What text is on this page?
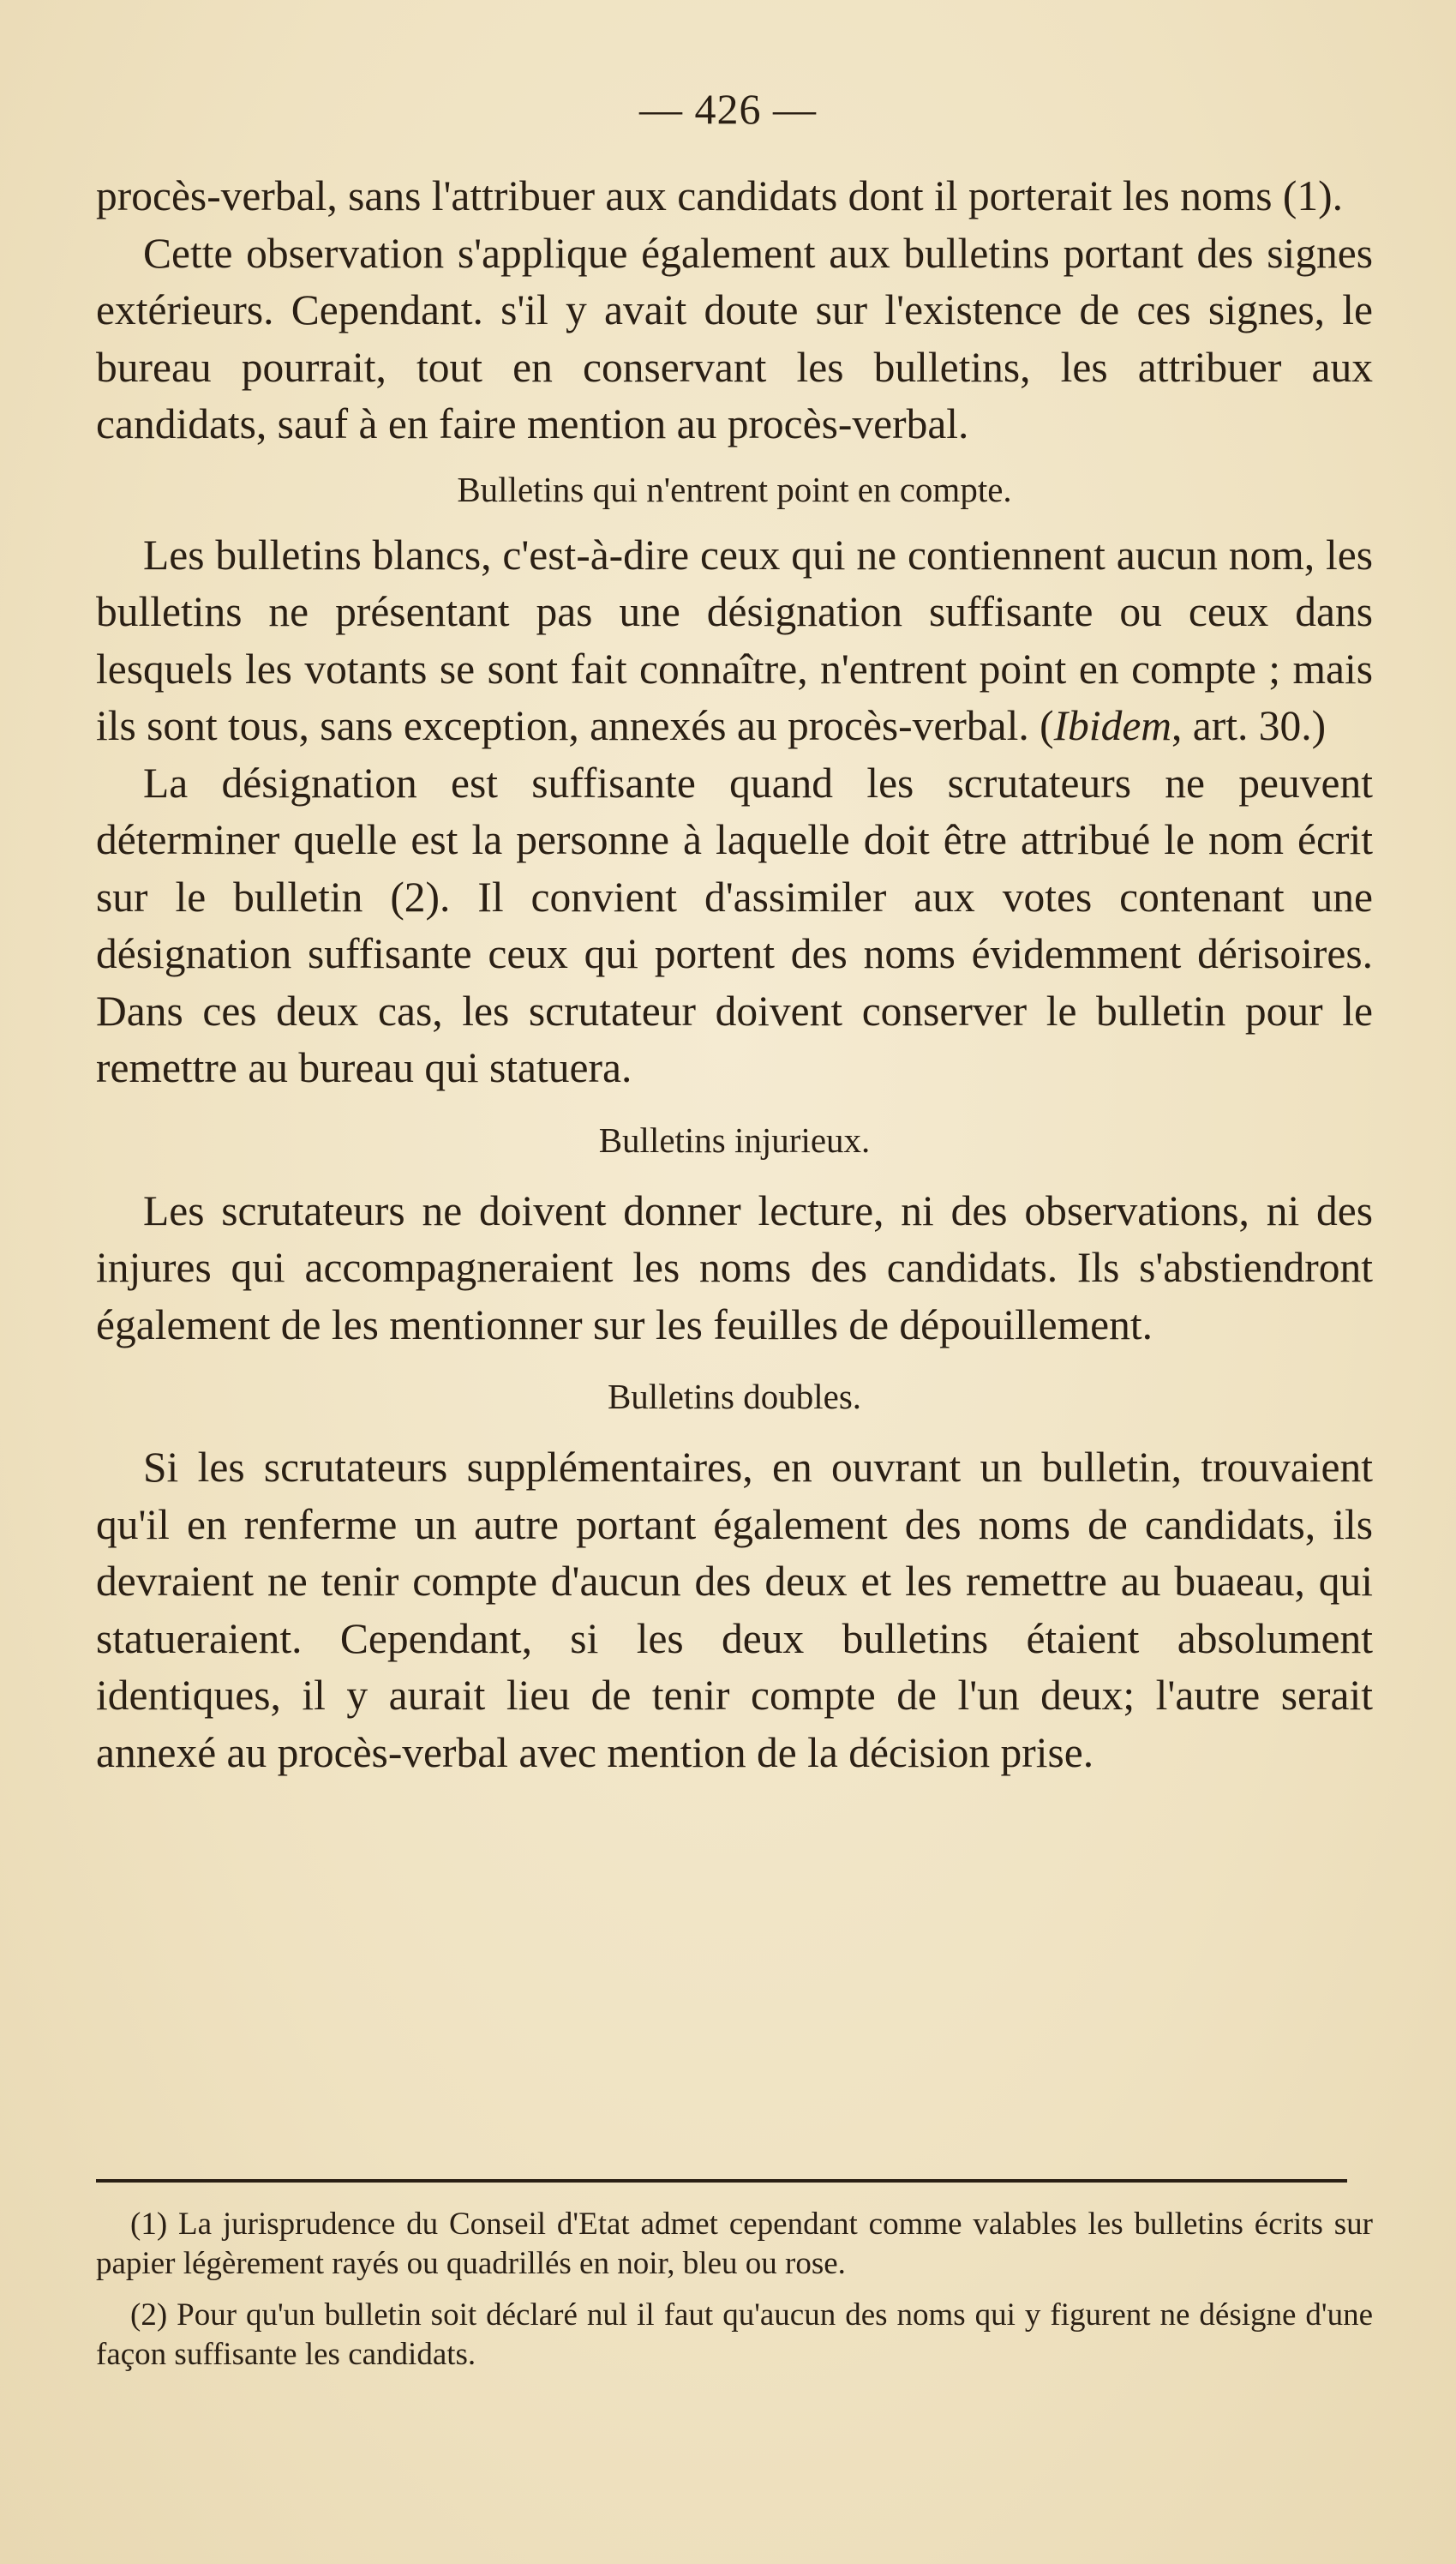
— 426 —

procès-verbal, sans l'attribuer aux candidats dont il porterait les noms (1).

Cette observation s'applique également aux bulletins portant des signes extérieurs. Cependant. s'il y avait doute sur l'existence de ces signes, le bureau pourrait, tout en conservant les bulletins, les attribuer aux candidats, sauf à en faire mention au procès-verbal.

Bulletins qui n'entrent point en compte.

Les bulletins blancs, c'est-à-dire ceux qui ne contiennent aucun nom, les bulletins ne présentant pas une désignation suffisante ou ceux dans lesquels les votants se sont fait connaître, n'entrent point en compte ; mais ils sont tous, sans exception, annexés au procès-verbal. (Ibidem, art. 30.)

La désignation est suffisante quand les scrutateurs ne peuvent déterminer quelle est la personne à laquelle doit être attribué le nom écrit sur le bulletin (2). Il convient d'assimiler aux votes contenant une désignation suffisante ceux qui portent des noms évidemment dérisoires. Dans ces deux cas, les scrutateur doivent conserver le bulletin pour le remettre au bureau qui statuera.

Bulletins injurieux.

Les scrutateurs ne doivent donner lecture, ni des observations, ni des injures qui accompagneraient les noms des candidats. Ils s'abstiendront également de les mentionner sur les feuilles de dépouillement.

Bulletins doubles.

Si les scrutateurs supplémentaires, en ouvrant un bulletin, trouvaient qu'il en renferme un autre portant également des noms de candidats, ils devraient ne tenir compte d'aucun des deux et les remettre au buaeau, qui statueraient. Cependant, si les deux bulletins étaient absolument identiques, il y aurait lieu de tenir compte de l'un deux; l'autre serait annexé au procès-verbal avec mention de la décision prise.

(1) La jurisprudence du Conseil d'Etat admet cependant comme valables les bulletins écrits sur papier légèrement rayés ou quadrillés en noir, bleu ou rose.

(2) Pour qu'un bulletin soit déclaré nul il faut qu'aucun des noms qui y figurent ne désigne d'une façon suffisante les candidats.
